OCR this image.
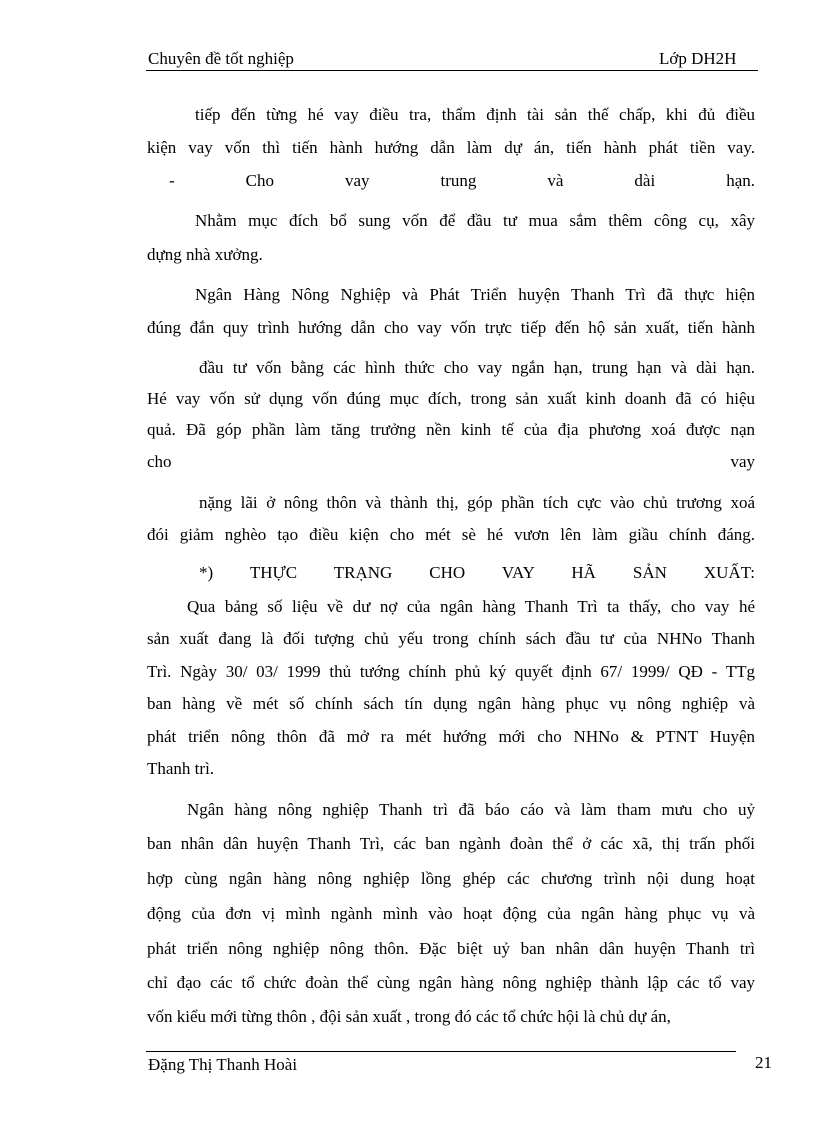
Chuyên đề tốt nghiệp	Lớp DH2H

tiếp đến từng hé vay điều tra, thẩm định tài sản thế chấp, khi đủ điều

kiện vay vốn thì tiến hành hướng dẫn làm dự án, tiến hành phát tiền vay.

- Cho vay trung và dài hạn.

Nhằm mục đích bổ sung vốn để đầu tư mua sắm thêm công cụ, xây

dựng nhà xưởng.

Ngân Hàng Nông Nghiệp và Phát Triển huyện Thanh Trì đã thực hiện

đúng đắn quy trình hướng dẫn cho vay vốn trực tiếp đến hộ sản xuất, tiến hành

đầu tư vốn bằng các hình thức cho vay ngắn hạn, trung hạn và dài hạn.

Hé vay vốn sử dụng vốn đúng mục đích, trong sản xuất kinh doanh đã có hiệu

quả. Đã góp phần làm tăng trưởng nền kinh tế của địa phương xoá được nạn

cho vay

nặng lãi ở nông thôn và thành thị, góp phần tích cực vào chủ trương xoá

đói giảm nghèo tạo điều kiện cho mét sè hé vươn lên làm giầu chính đáng.

*) THỰC TRẠNG CHO VAY HÃ SẢN XUẤT:

Qua bảng số liệu về dư nợ của ngân hàng Thanh Trì ta thấy, cho vay hé

sản xuất đang là đối tượng chủ yếu trong chính sách đầu tư của NHNo Thanh

Trì. Ngày 30/ 03/ 1999 thủ tướng chính phủ ký quyết định 67/ 1999/ QĐ - TTg

ban hàng về mét số chính sách tín dụng ngân hàng phục vụ nông nghiệp và

phát triển nông thôn đã mở ra mét hướng mới cho NHNo & PTNT Huyện

Thanh trì.

Ngân hàng nông nghiệp Thanh trì đã báo cáo và làm tham mưu cho uỷ

ban nhân dân huyện Thanh Trì, các ban ngành đoàn thể ở các xã, thị trấn phối

hợp cùng ngân hàng nông nghiệp lồng ghép các chương trình nội dung hoạt

động của đơn vị mình ngành mình vào hoạt động của ngân hàng phục vụ và

phát triển nông nghiệp nông thôn. Đặc biệt uỷ ban nhân dân huyện Thanh trì

chỉ đạo các tổ chức đoàn thể cùng ngân hàng nông nghiệp thành lập các tổ vay

vốn kiểu mới từng thôn , đội sản xuất , trong đó các tổ chức hội là chủ dự án,

Đặng Thị Thanh Hoài	21
